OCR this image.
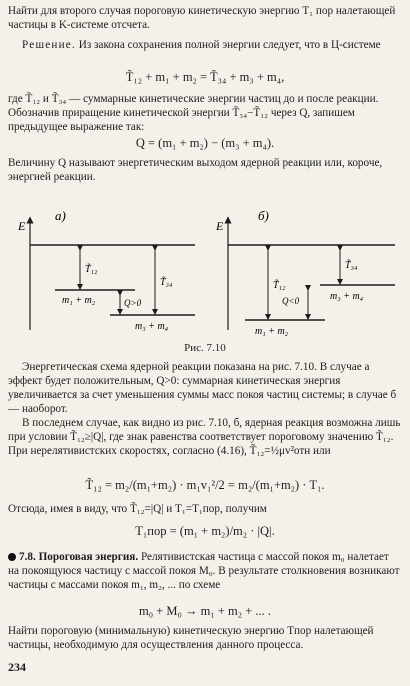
Найти для второго случая пороговую кинетическую энергию T₁ пор налетающей частицы в K-системе отсчета.

Решение. Из закона сохранения полной энергии следует, что в Ц-системе

T̃₁₂ + m₁ + m₂ = T̃₃₄ + m₃ + m₄,

где T̃₁₂ и T̃₃₄ — суммарные кинетические энергии частиц до и после реакции. Обозначив приращение кинетической энергии T̃₃₄−T̃₁₂ через Q, запишем предыдущее выражение так:

Q = (m₁ + m₂) − (m₃ + m₄).

Величину Q называют энергетическим выходом ядерной реакции или, короче, энергией реакции.

E
а)
T̃₁₂
m₁ + m₂	Q>0
T̃₃₄
m₃ + m₄
E
б)
T̃₁₂
T̃₃₄
m₃ + m₄
Q<0
m₁ + m₂
Рис. 7.10

Энергетическая схема ядерной реакции показана на рис. 7.10. В случае а эффект будет положительным, Q>0: суммарная кинетическая энергия увеличивается за счет уменьшения суммы масс покоя частиц системы; в случае б — наоборот.

В последнем случае, как видно из рис. 7.10, б, ядерная реакция возможна лишь при условии T̃₁₂≥|Q|, где знак равенства соответствует пороговому значению T̃₁₂. При нерелятивистских скоростях, согласно (4.16), T̃₁₂=½μv²отн или

T̃₁₂ = m₂/(m₁+m₂) · m₁v₁²/2 = m₂/(m₁+m₂) · T₁.

Отсюда, имея в виду, что T̃₁₂=|Q| и T₁=T₁пор, получим

T₁пор = (m₁ + m₂)/m₂ · |Q|.

7.8. Пороговая энергия. Релятивистская частица с массой покоя m₀ налетает на покоящуюся частицу с массой покоя M₀. В результате столкновения возникают частицы с массами покоя m₁, m₂, ... по схеме

m₀ + M₀ → m₁ + m₂ + ... .

Найти пороговую (минимальную) кинетическую энергию Tпор налетающей частицы, необходимую для осуществления данного процесса.

234
